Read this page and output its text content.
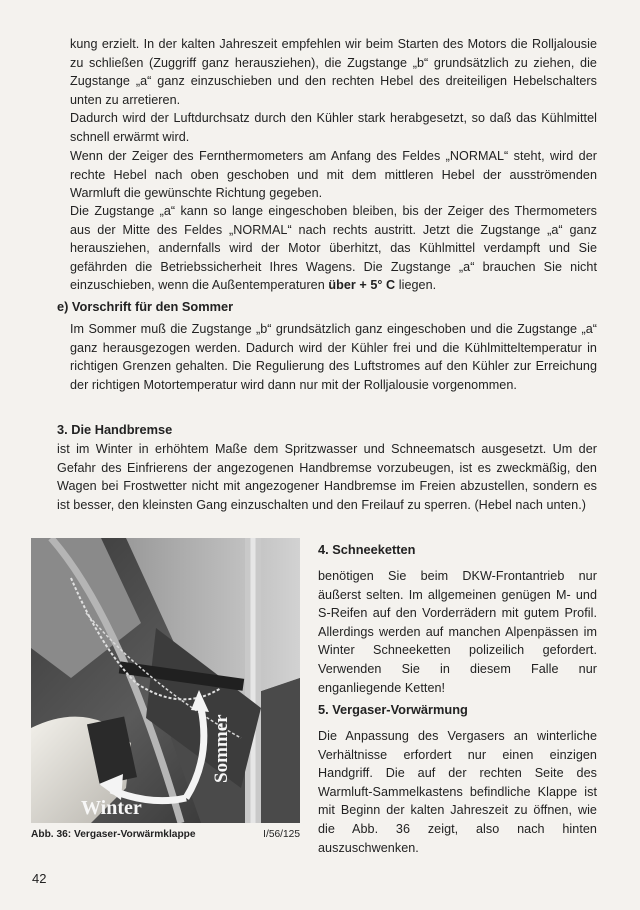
kung erzielt. In der kalten Jahreszeit empfehlen wir beim Starten des Motors die Rolljalousie zu schließen (Zuggriff ganz herausziehen), die Zugstange „b“ grundsätzlich zu ziehen, die Zugstange „a“ ganz einzuschieben und den rechten Hebel des dreiteiligen Hebelschalters unten zu arretieren.

Dadurch wird der Luftdurchsatz durch den Kühler stark herabgesetzt, so daß das Kühlmittel schnell erwärmt wird.

Wenn der Zeiger des Fernthermometers am Anfang des Feldes „NORMAL“ steht, wird der rechte Hebel nach oben geschoben und mit dem mittleren Hebel der ausströmenden Warmluft die gewünschte Richtung gegeben.

Die Zugstange „a“ kann so lange eingeschoben bleiben, bis der Zeiger des Thermometers aus der Mitte des Feldes „NORMAL“ nach rechts austritt. Jetzt die Zugstange „a“ ganz herausziehen, andernfalls wird der Motor überhitzt, das Kühlmittel verdampft und Sie gefährden die Betriebssicherheit Ihres Wagens. Die Zugstange „a“ brauchen Sie nicht einzuschieben, wenn die Außentemperaturen über + 5° C liegen.

e) Vorschrift für den Sommer

Im Sommer muß die Zugstange „b“ grundsätzlich ganz eingeschoben und die Zugstange „a“ ganz herausgezogen werden. Dadurch wird der Kühler frei und die Kühlmitteltemperatur in richtigen Grenzen gehalten. Die Regulierung des Luftstromes auf den Kühler zur Erreichung der richtigen Motortemperatur wird dann nur mit der Rolljalousie vorgenommen.

3. Die Handbremse

ist im Winter in erhöhtem Maße dem Spritzwasser und Schneematsch ausgesetzt. Um der Gefahr des Einfrierens der angezogenen Handbremse vorzubeugen, ist es zweckmäßig, den Wagen bei Frostwetter nicht mit angezogener Handbremse im Freien abzustellen, sondern es ist besser, den kleinsten Gang einzuschalten und den Freilauf zu sperren. (Hebel nach unten.)

Winter
Sommer
Abb. 36: Vergaser-Vorwärmklappe	I/56/125
4. Schneeketten

benötigen Sie beim DKW-Frontantrieb nur äußerst selten. Im allgemeinen genügen M- und S-Reifen auf den Vorderrädern mit gutem Profil. Allerdings werden auf manchen Alpenpässen im Winter Schneeketten polizeilich gefordert. Verwenden Sie in diesem Falle nur enganliegende Ketten!

5. Vergaser-Vorwärmung

Die Anpassung des Vergasers an winterliche Verhältnisse erfordert nur einen einzigen Handgriff. Die auf der rechten Seite des Warmluft-Sammelkastens befindliche Klappe ist mit Beginn der kalten Jahreszeit zu öffnen, wie die Abb. 36 zeigt, also nach hinten auszuschwenken.

42
